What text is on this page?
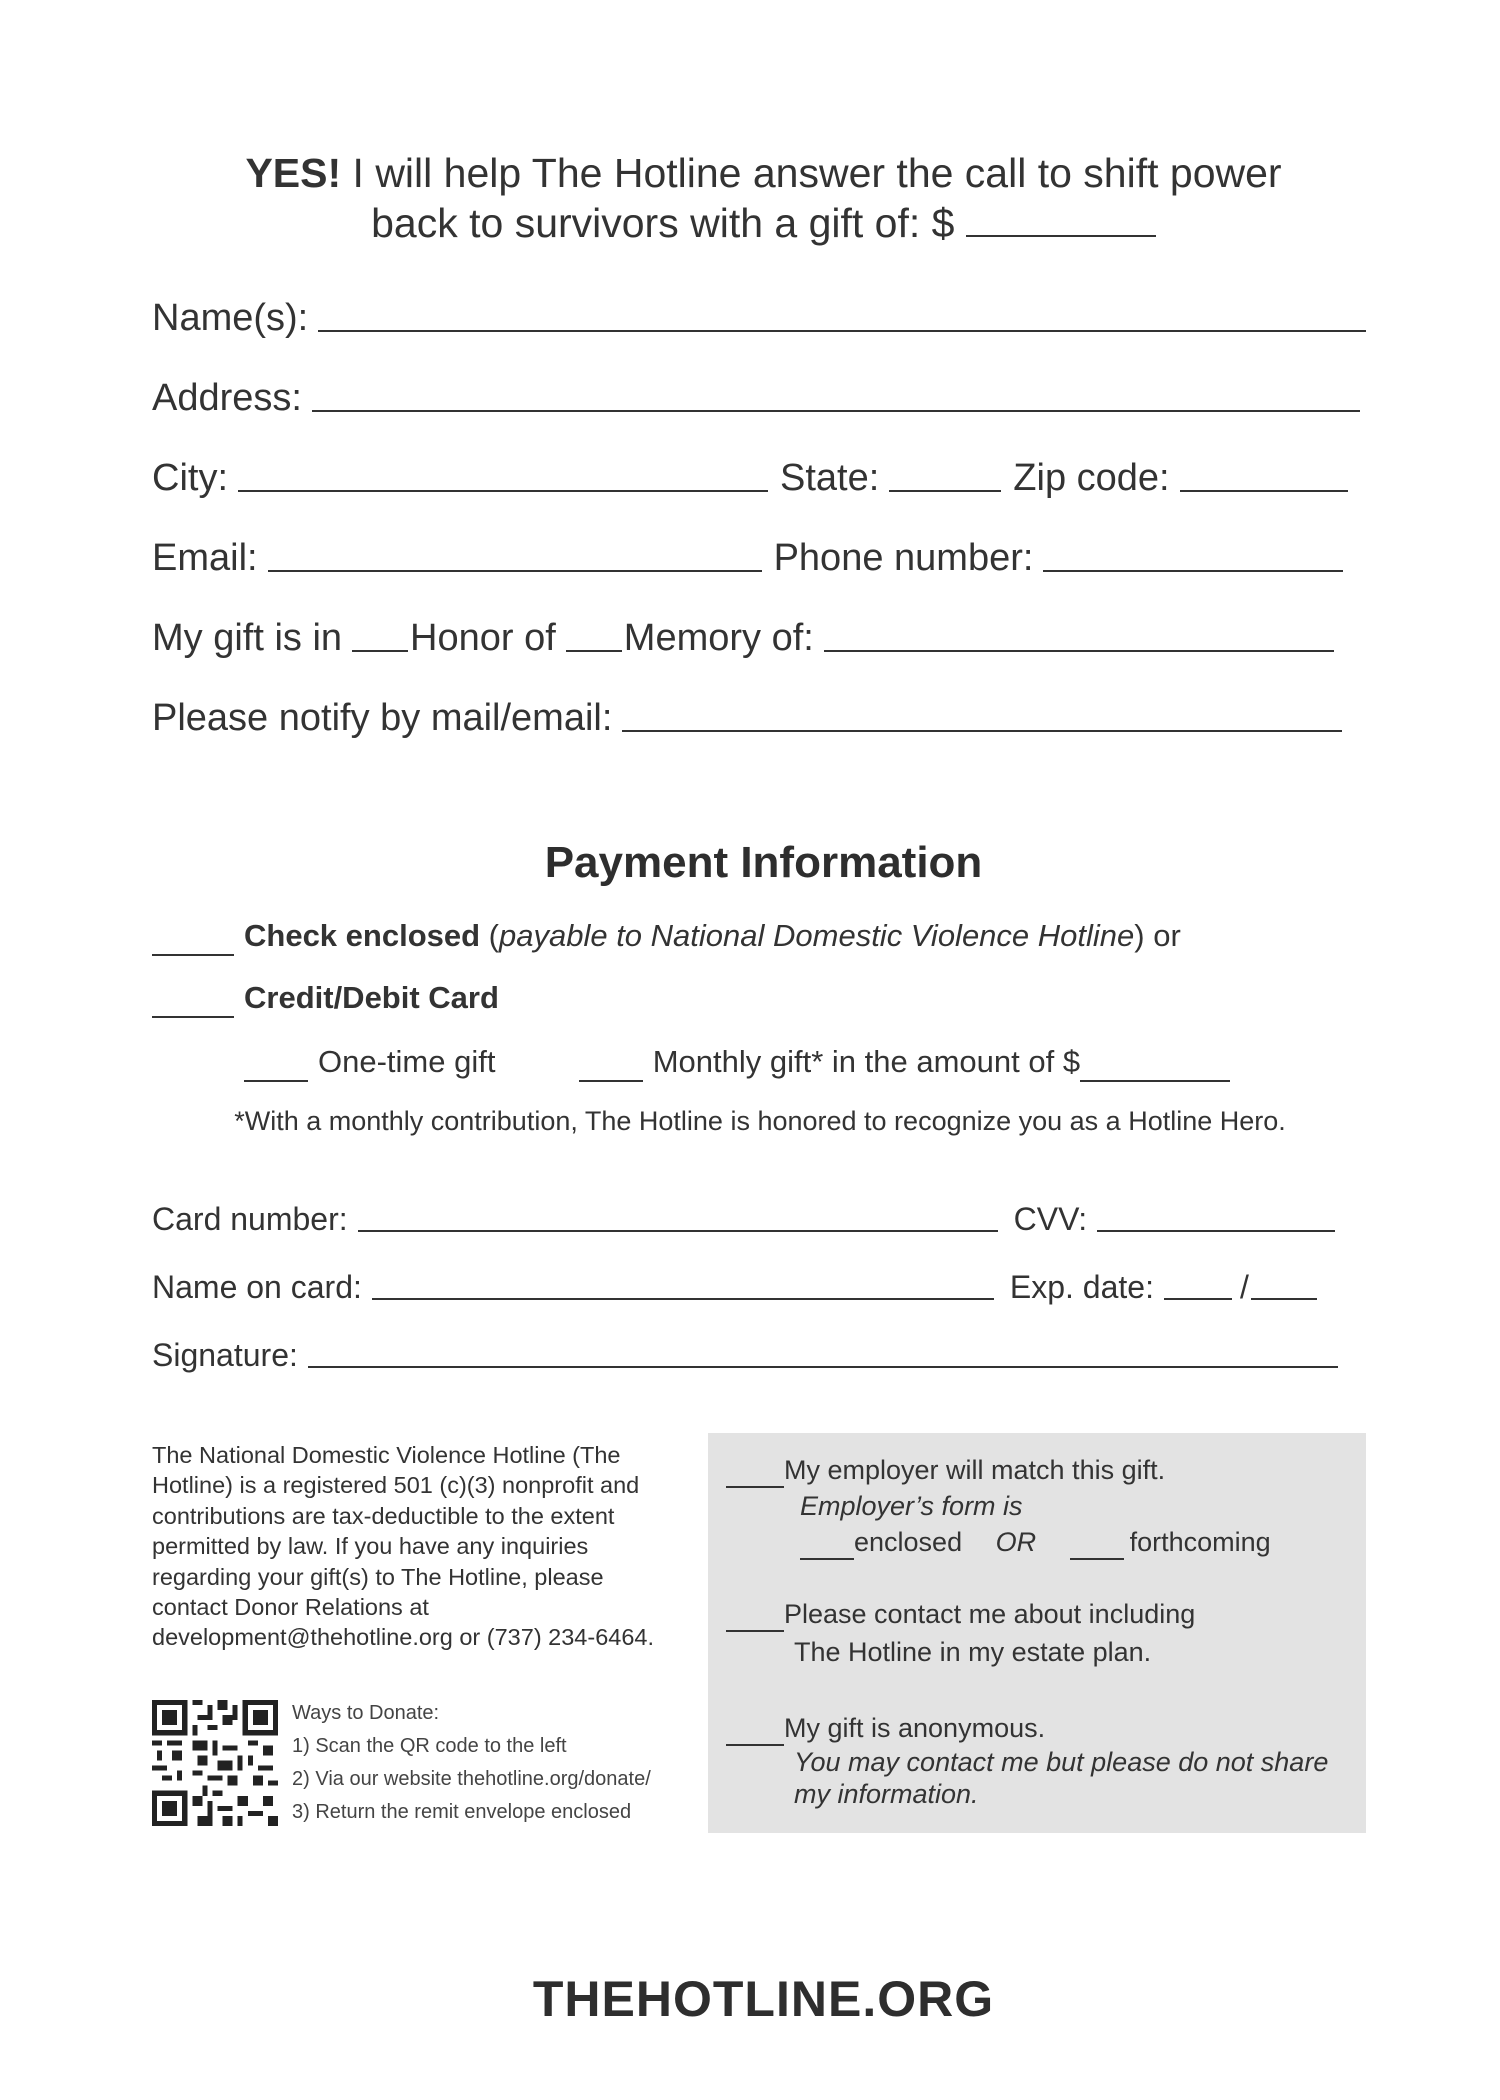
YES! I will help The Hotline answer the call to shift power
back to survivors with a gift of: $
Name(s):
Address:
City:	State:	Zip code:
Email:	Phone number:
My gift is in Honor of Memory of:
Please notify by mail/email:
Payment Information
Check enclosed (payable to National Domestic Violence Hotline) or
Credit/Debit Card
One-time gift	Monthly gift* in the amount of $
*With a monthly contribution, The Hotline is honored to recognize you as a Hotline Hero.
Card number:	CVV:
Name on card:	Exp. date:	/
Signature:
The National Domestic Violence Hotline (The Hotline) is a registered 501 (c)(3) nonprofit and contributions are tax-deductible to the extent permitted by law. If you have any inquiries regarding your gift(s) to The Hotline, please contact Donor Relations at development@thehotline.org or (737) 234-6464.
Ways to Donate:
1) Scan the QR code to the left
2) Via our website thehotline.org/donate/
3) Return the remit envelope enclosed
My employer will match this gift.
Employer’s form is
enclosed OR	forthcoming
Please contact me about including
The Hotline in my estate plan.
My gift is anonymous.
You may contact me but please do not share
my information.
THEHOTLINE.ORG
